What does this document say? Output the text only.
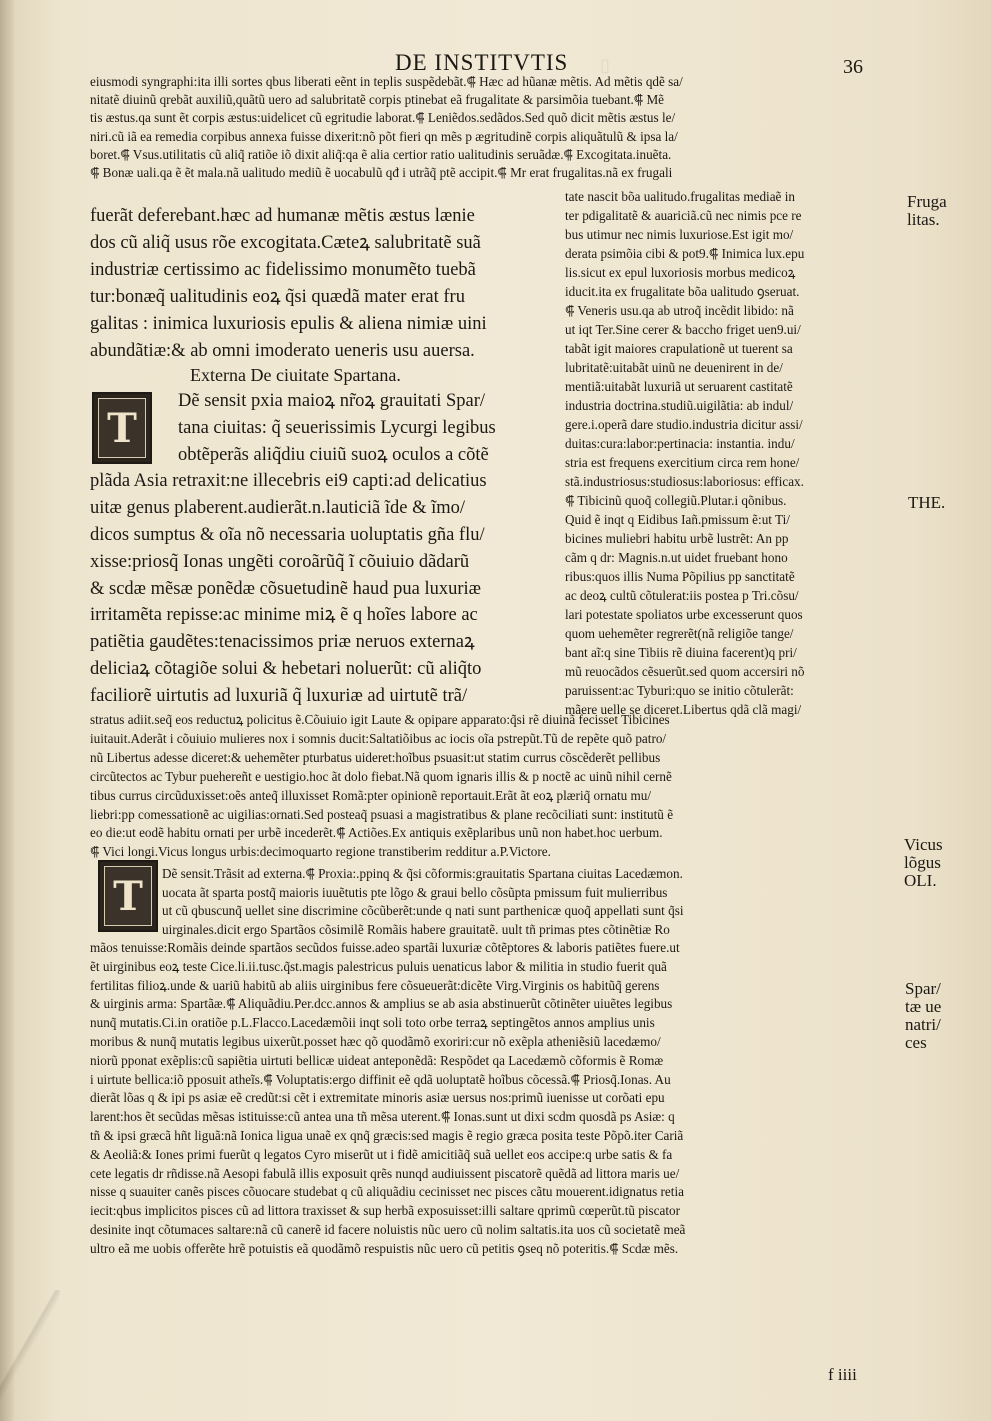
▯
DE INSTITVTIS	36
eiusmodi syngraphi:ita illi sortes qbus liberati eẽnt in teplis suspẽdebãt.⸿ Hæc ad hũanæ mẽtis. Ad mẽtis qdẽ sa/
nitatẽ diuinũ qrebãt auxiliũ,quãtũ uero ad salubritatẽ corpis ptinebat eã frugalitate & parsimõia tuebant.⸿ Mẽ
tis æstus.qa sunt ẽt corpis æstus:uidelicet cũ egritudie laborat.⸿ Leniẽdos.sedãdos.Sed quõ dicit mẽtis æstus le/
niri.cũ iã ea remedia corpibus annexa fuisse dixerit:nõ põt fieri qn mẽs p ægritudinẽ corpis aliquãtulũ & ipsa la/
boret.⸿ Vsus.utilitatis cũ aliq̃ ratiõe iõ dixit aliq̃:qa ẽ alia certior ratio ualitudinis seruãdæ.⸿ Excogitata.inuẽta.
⸿ Bonæ uali.qa ẽ ẽt mala.nã ualitudo mediũ ẽ uocabulũ qđ i utrãq̃ ptẽ accipit.⸿ Mr erat frugalitas.nã ex frugali
fuerãt deferebant.hæc ad humanæ mẽtis æstus lænie
dos cũ aliq̃ usus rõe excogitata.Cæteꝝ salubritatẽ suã
industriæ certissimo ac fidelissimo monumẽto tuebã
tur:bonæq̃ ualitudinis eoꝝ q̃si quædã mater erat fru
galitas : inimica luxuriosis epulis & aliena nimiæ uini
abundãtiæ:& ab omni imoderato ueneris usu auersa.
Externa De ciuitate Spartana.
Dẽ sensit pxia maioꝝ nr̃oꝝ grauitati Spar/
tana ciuitas: q̃ seuerissimis Lycurgi legibus
obtẽperãs aliq̃diu ciuiũ suoꝝ oculos a cõtẽ
plãda Asia retraxit:ne illecebris ei9 capti:ad delicatius
uitæ genus plaberent.audierãt.n.lauticiã ĩde & ĩmo/
dicos sumptus & oĩa nõ necessaria uoluptatis gña flu/
xisse:priosq̃ Ionas ungẽti coroãrũq̃ ĩ cõuiuio dãdarũ
& scdæ mẽsæ ponẽdæ cõsuetudinẽ haud pua luxuriæ
irritamẽta repisse:ac minime miꝝ ẽ q hoĩes labore ac
patiẽtia gaudẽtes:tenacissimos priæ neruos externaꝝ
deliciaꝝ cõtagiõe solui & hebetari noluerũt: cũ aliq̃to
faciliorẽ uirtutis ad luxuriã q̃ luxuriæ ad uirtutẽ trã/
tate nascit bõa ualitudo.frugalitas mediaẽ in
ter pdigalitatẽ & auariciã.cũ nec nimis pce re
bus utimur nec nimis luxuriose.Est igit mo/
derata psimõia cibi & pot9.⸿ Inimica lux.epu
lis.sicut ex epul luxoriosis morbus medicoꝝ
iducit.ita ex frugalitate bõa ualitudo ꝯseruat.
⸿ Veneris usu.qa ab utroq̃ incẽdit libido: nã
ut iqt Ter.Sine cerer & baccho friget uen9.ui/
tabãt igit maiores crapulationẽ ut tuerent sa
lubritatẽ:uitabãt uinũ ne deuenirent in de/
mentiã:uitabãt luxuriã ut seruarent castitatẽ
industria doctrina.studiũ.uigilãtia: ab indul/
gere.i.operã dare studio.industria dicitur assi/
duitas:cura:labor:pertinacia: instantia. indu/
stria est frequens exercitium circa rem hone/
stã.industriosus:studiosus:laboriosus: efficax.
⸿ Tibicinũ quoq̃ collegiũ.Plutar.i qõnibus.
Quid ẽ inqt q Eidibus Iañ.pmissum ẽ:ut Ti/
bicines muliebri habitu urbẽ lustrẽt: An pp
cãm q dr: Magnis.n.ut uidet fruebant hono
ribus:quos illis Numa Põpilius pp sanctitatẽ
ac deoꝝ cultũ cõtulerat:iis postea p Tri.cõsu/
lari potestate spoliatos urbe excesserunt quos
quom uehemẽter regrerẽt(nã religiõe tange/
bant aĩ:q sine Tibiis rẽ diuina facerent)q pri/
mũ reuocãdos cẽsuerũt.sed quom accersiri nõ
paruissent:ac Tyburi:quo se initio cõtulerãt:
mãere uelle se diceret.Libertus qdã clã magi/
stratus adiit.seq̃ eos reductuꝝ policitus ẽ.Cõuiuio igit Laute & opipare apparato:q̃si rẽ diuinã fecisset Tibicines
iuitauit.Aderãt i cõuiuio mulieres nox i somnis ducit:Saltatiõibus ac iocis oĩa pstrepũt.Tũ de repẽte quõ patro/
nũ Libertus adesse diceret:& uehemẽter pturbatus uideret:hoĩbus psuasit:ut statim currus cõscẽderẽt pellibus
circũtectos ac Tybur puehereñt e uestigio.hoc ãt dolo fiebat.Nã quom ignaris illis & p noctẽ ac uinũ nihil cernẽ
tibus currus circũduxisset:oẽs anteq̃ illuxisset Romã:pter opinionẽ reportauit.Erãt ãt eoꝝ plæriq̃ ornatu mu/
liebri:pp comessationẽ ac uigilias:ornati.Sed posteaq̃ psuasi a magistratibus & plane recõciliati sunt: institutũ ẽ
eo die:ut eodẽ habitu ornati per urbẽ incederẽt.⸿ Actiões.Ex antiquis exẽplaribus unũ non habet.hoc uerbum.
⸿ Vici longi.Vicus longus urbis:decimoquarto regione transtiberim redditur a.P.Victore.
Dẽ sensit.Trãsit ad externa.⸿ Proxia:.ppinq & q̃si cõformis:grauitatis Spartana ciuitas Lacedæmon.
uocata ãt sparta postq̃ maioris iuuẽtutis pte lõgo & graui bello cõsũpta pmissum fuit mulierribus
ut cũ qbuscunq̃ uellet sine discrimine cõcũberẽt:unde q nati sunt parthenicæ quoq̃ appellati sunt q̃si
uirginales.dicit ergo Spartãos cõsimilẽ Romãis habere grauitatẽ. uult tñ primas ptes cõtinẽtiæ Ro
mãos tenuisse:Romãis deinde spartãos secũdos fuisse.adeo spartãi luxuriæ cõtẽptores & laboris patiẽtes fuere.ut
ẽt uirginibus eoꝝ teste Cice.li.ii.tusc.q̃st.magis palestricus puluis uenaticus labor & militia in studio fuerit quã
fertilitas filioꝝ.unde & uariũ habitũ ab aliis uirginibus fere cõsueuerãt:dicẽte Virg.Virginis os habitũq̃ gerens
& uirginis arma: Spartãæ.⸿ Aliquãdiu.Per.dcc.annos & amplius se ab asia abstinuerũt cõtinẽter uiuẽtes legibus
nunq̃ mutatis.Ci.in oratiõe p.L.Flacco.Lacedæmõii inqt soli toto orbe terraꝝ septingẽtos annos amplius unis
moribus & nunq̃ mutatis legibus uixerũt.posset hæc qõ quodãmõ exoriri:cur nõ exẽpla atheniẽsiũ lacedæmo/
niorũ pponat exẽplis:cũ sapiẽtia uirtuti bellicæ uideat anteponẽdã: Respõdet qa Lacedæmõ cõformis ẽ Romæ
i uirtute bellica:iõ pposuit atheĩs.⸿ Voluptatis:ergo diffinit eẽ qdã uoluptatẽ hoĩbus cõcessã.⸿ Priosq̃.Ionas. Au
dierãt lõas q & ipi ps asiæ eẽ credũt:si cẽt i extremitate minoris asiæ uersus nos:primũ iuenisse ut corõati epu
larent:hos ẽt secũdas mẽsas istituisse:cũ antea una tñ mẽsa uterent.⸿ Ionas.sunt ut dixi scdm quosdã ps Asiæ: q
tñ & ipsi græcã hñt liguã:nã Ionica ligua unaẽ ex qnq̃ græcis:sed magis ẽ regio græca posita teste Põpõ.iter Cariã
& Aeoliã:& Iones primi fuerũt q legatos Cyro miserũt ut i fidẽ amicitiãq̃ suã uellet eos accipe:q urbe satis & fa
cete legatis dr rñdisse.nã Aesopi fabulã illis exposuit qrẽs nunqd audiuissent piscatorẽ quẽdã ad littora maris ue/
nisse q suauiter canẽs pisces cõuocare studebat q cũ aliquãdiu cecinisset nec pisces cãtu mouerent.idignatus retia
iecit:qbus implicitos pisces cũ ad littora traxisset & sup herbã exposuisset:illi saltare qprimũ cœperũt.tũ piscator
desinite inqt cõtumaces saltare:nã cũ canerẽ id facere noluistis nũc uero cũ nolim saltatis.ita uos cũ societatẽ meã
ultro eã me uobis offerẽte hrẽ potuistis eã quodãmõ respuistis nũc uero cũ petitis ꝯseq nõ poteritis.⸿ Scdæ mẽs.
T
T
Fruga
litas.
THE.
Vicus
lõgus
OLI.
Spar/
tæ ue
natri/
ces
f iiii
